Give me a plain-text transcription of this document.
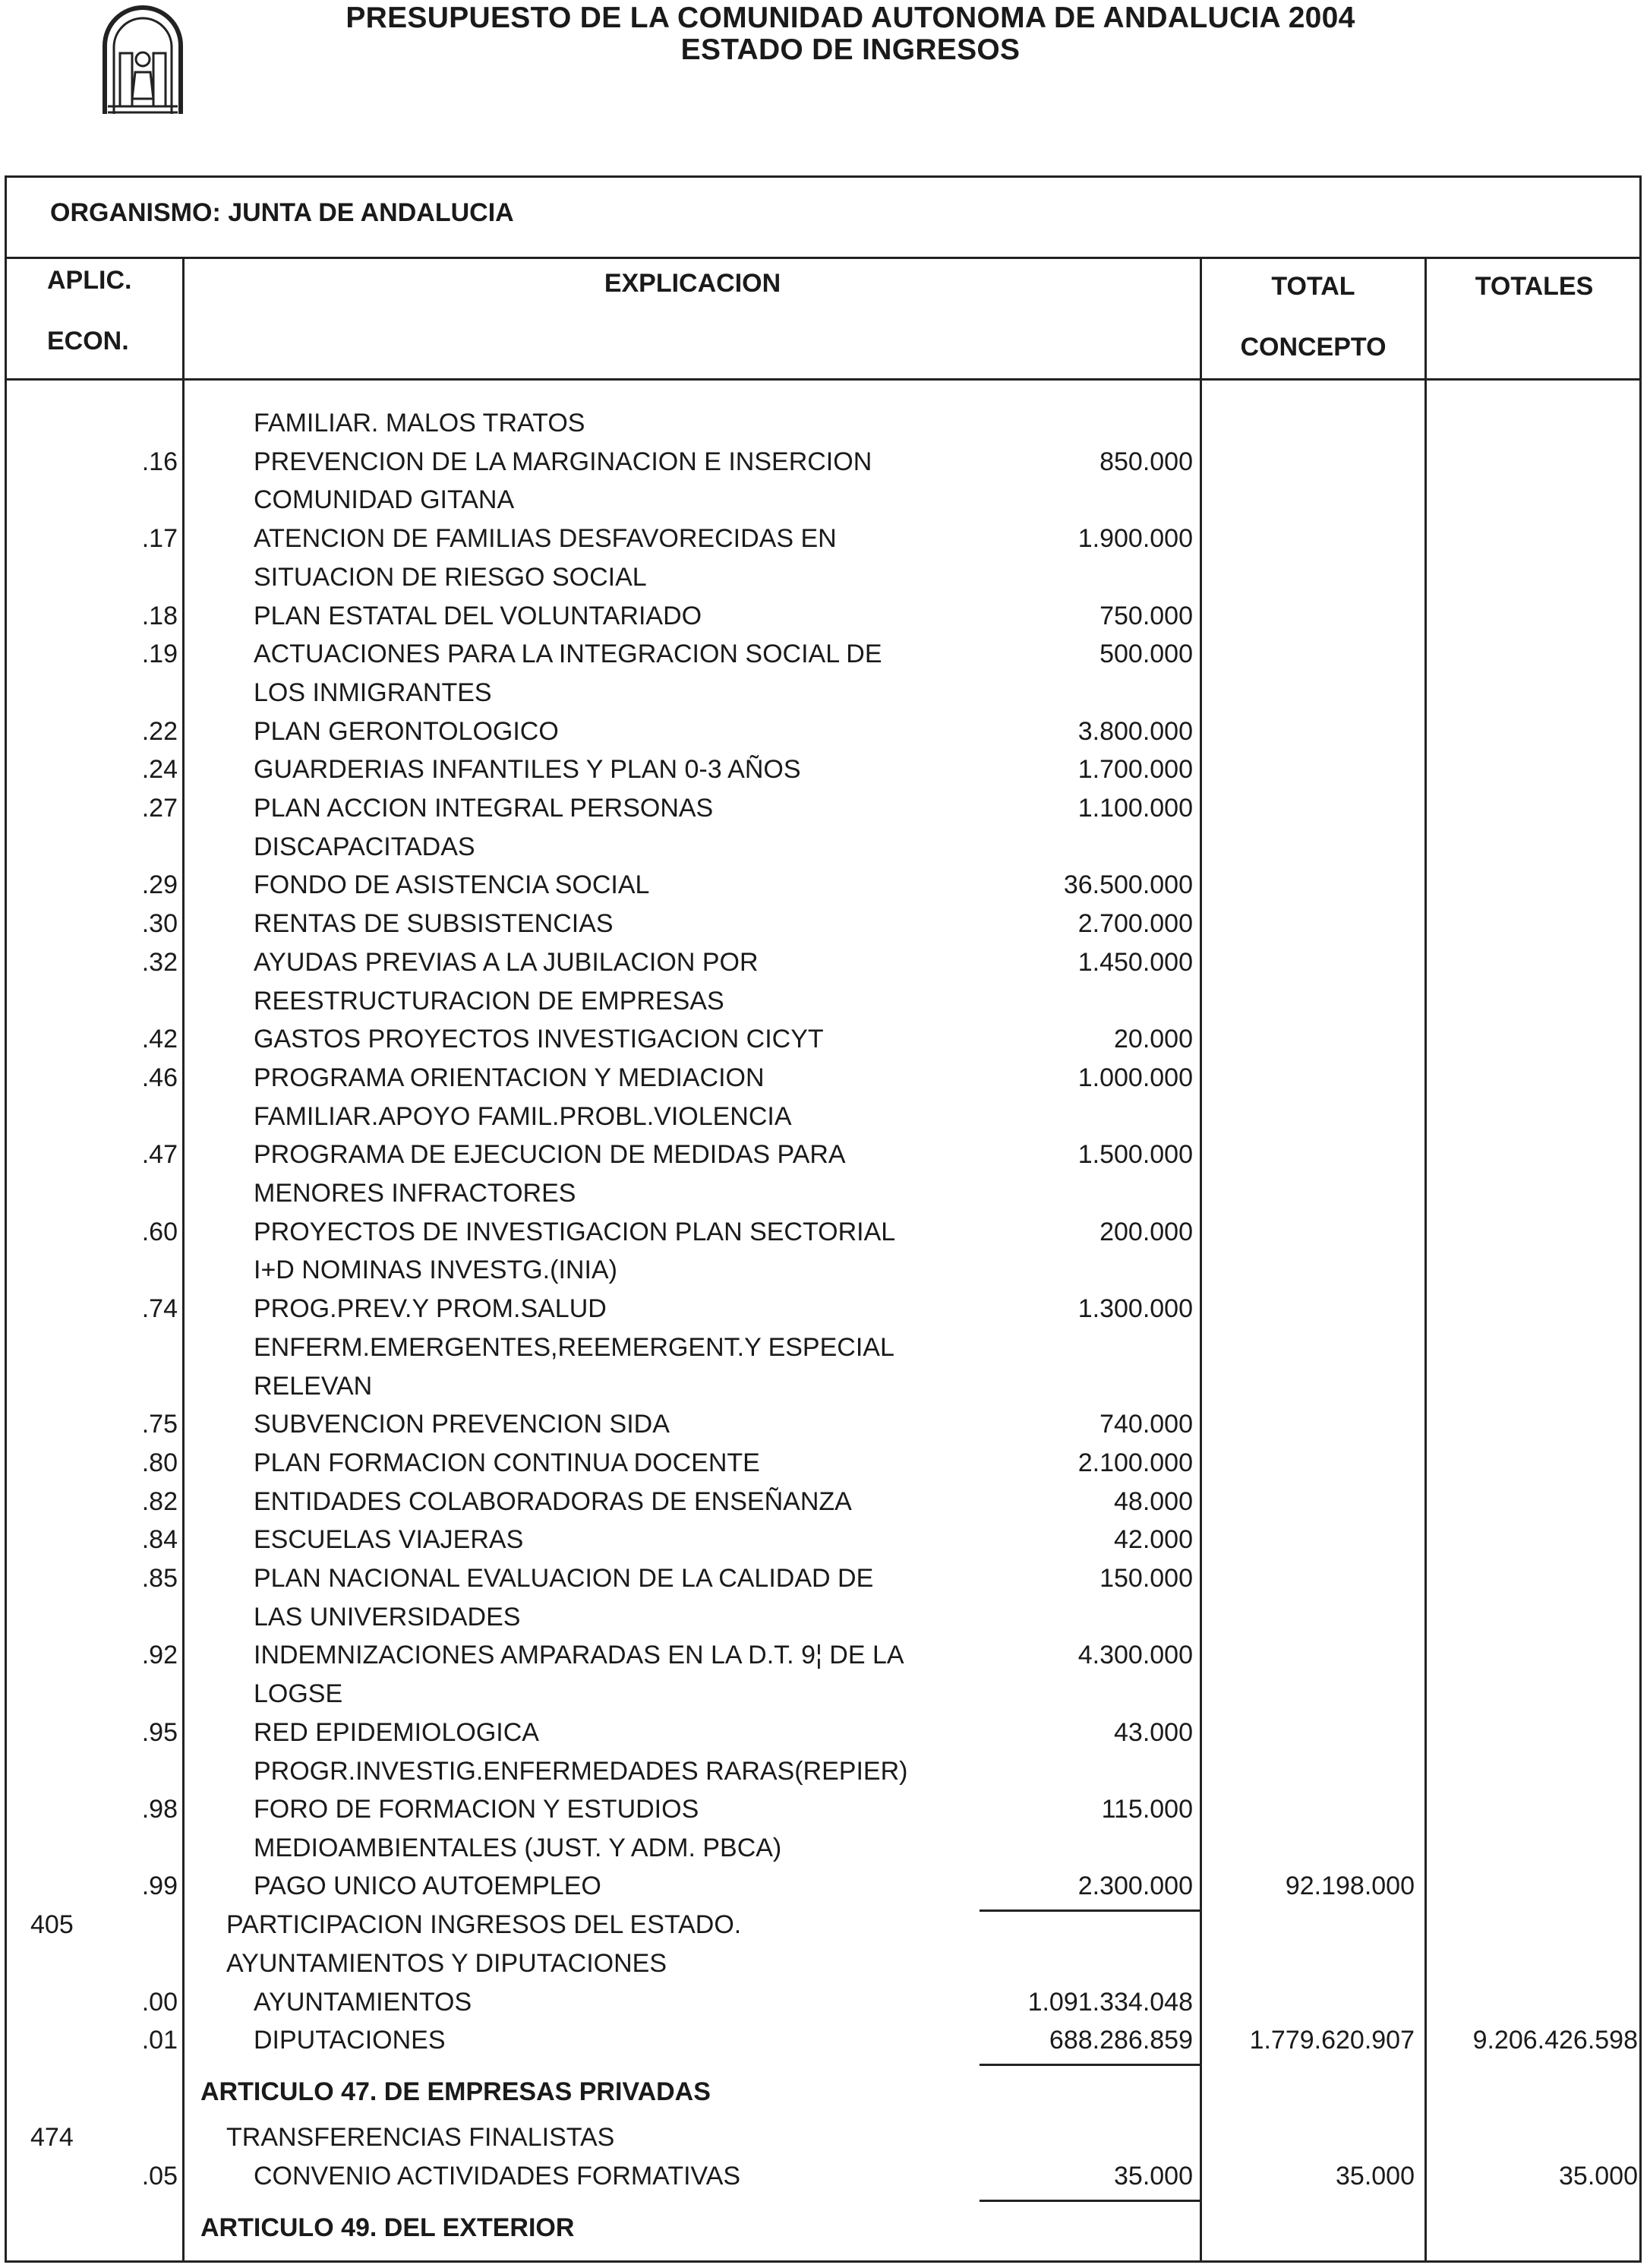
PRESUPUESTO DE LA COMUNIDAD AUTONOMA DE ANDALUCIA 2004
ESTADO DE INGRESOS
ORGANISMO: JUNTA DE ANDALUCIA
APLIC.
ECON.
EXPLICACION	TOTAL
CONCEPTO
TOTALES
FAMILIAR. MALOS TRATOS
.16	PREVENCION DE LA MARGINACION E INSERCION	850.000
COMUNIDAD GITANA
.17	ATENCION DE FAMILIAS DESFAVORECIDAS EN	1.900.000
SITUACION DE RIESGO SOCIAL
.18	PLAN ESTATAL DEL VOLUNTARIADO	750.000
.19	ACTUACIONES PARA LA INTEGRACION SOCIAL DE	500.000
LOS INMIGRANTES
.22	PLAN GERONTOLOGICO	3.800.000
.24	GUARDERIAS INFANTILES Y PLAN 0-3 AÑOS	1.700.000
.27	PLAN ACCION INTEGRAL PERSONAS	1.100.000
DISCAPACITADAS
.29	FONDO DE ASISTENCIA SOCIAL	36.500.000
.30	RENTAS DE SUBSISTENCIAS	2.700.000
.32	AYUDAS PREVIAS A LA JUBILACION POR	1.450.000
REESTRUCTURACION DE EMPRESAS
.42	GASTOS PROYECTOS INVESTIGACION CICYT	20.000
.46	PROGRAMA ORIENTACION Y MEDIACION	1.000.000
FAMILIAR.APOYO FAMIL.PROBL.VIOLENCIA
.47	PROGRAMA DE EJECUCION DE MEDIDAS PARA	1.500.000
MENORES INFRACTORES
.60	PROYECTOS DE INVESTIGACION PLAN SECTORIAL	200.000
I+D NOMINAS INVESTG.(INIA)
.74	PROG.PREV.Y PROM.SALUD	1.300.000
ENFERM.EMERGENTES,REEMERGENT.Y ESPECIAL
RELEVAN
.75	SUBVENCION PREVENCION SIDA	740.000
.80	PLAN FORMACION CONTINUA DOCENTE	2.100.000
.82	ENTIDADES COLABORADORAS DE ENSEÑANZA	48.000
.84	ESCUELAS VIAJERAS	42.000
.85	PLAN NACIONAL EVALUACION DE LA CALIDAD DE	150.000
LAS UNIVERSIDADES
.92	INDEMNIZACIONES AMPARADAS EN LA D.T. 9¦ DE LA	4.300.000
LOGSE
.95	RED EPIDEMIOLOGICA	43.000
PROGR.INVESTIG.ENFERMEDADES RARAS(REPIER)
.98	FORO DE FORMACION Y ESTUDIOS	115.000
MEDIOAMBIENTALES (JUST. Y ADM. PBCA)
.99	PAGO UNICO AUTOEMPLEO	2.300.000	92.198.000
405	PARTICIPACION INGRESOS DEL ESTADO.
AYUNTAMIENTOS Y DIPUTACIONES
.00	AYUNTAMIENTOS	1.091.334.048
.01	DIPUTACIONES	688.286.859 1.779.620.907 9.206.426.598
ARTICULO 47. DE EMPRESAS PRIVADAS
474	TRANSFERENCIAS FINALISTAS
.05	CONVENIO ACTIVIDADES FORMATIVAS	35.000	35.000	35.000
ARTICULO 49. DEL EXTERIOR
